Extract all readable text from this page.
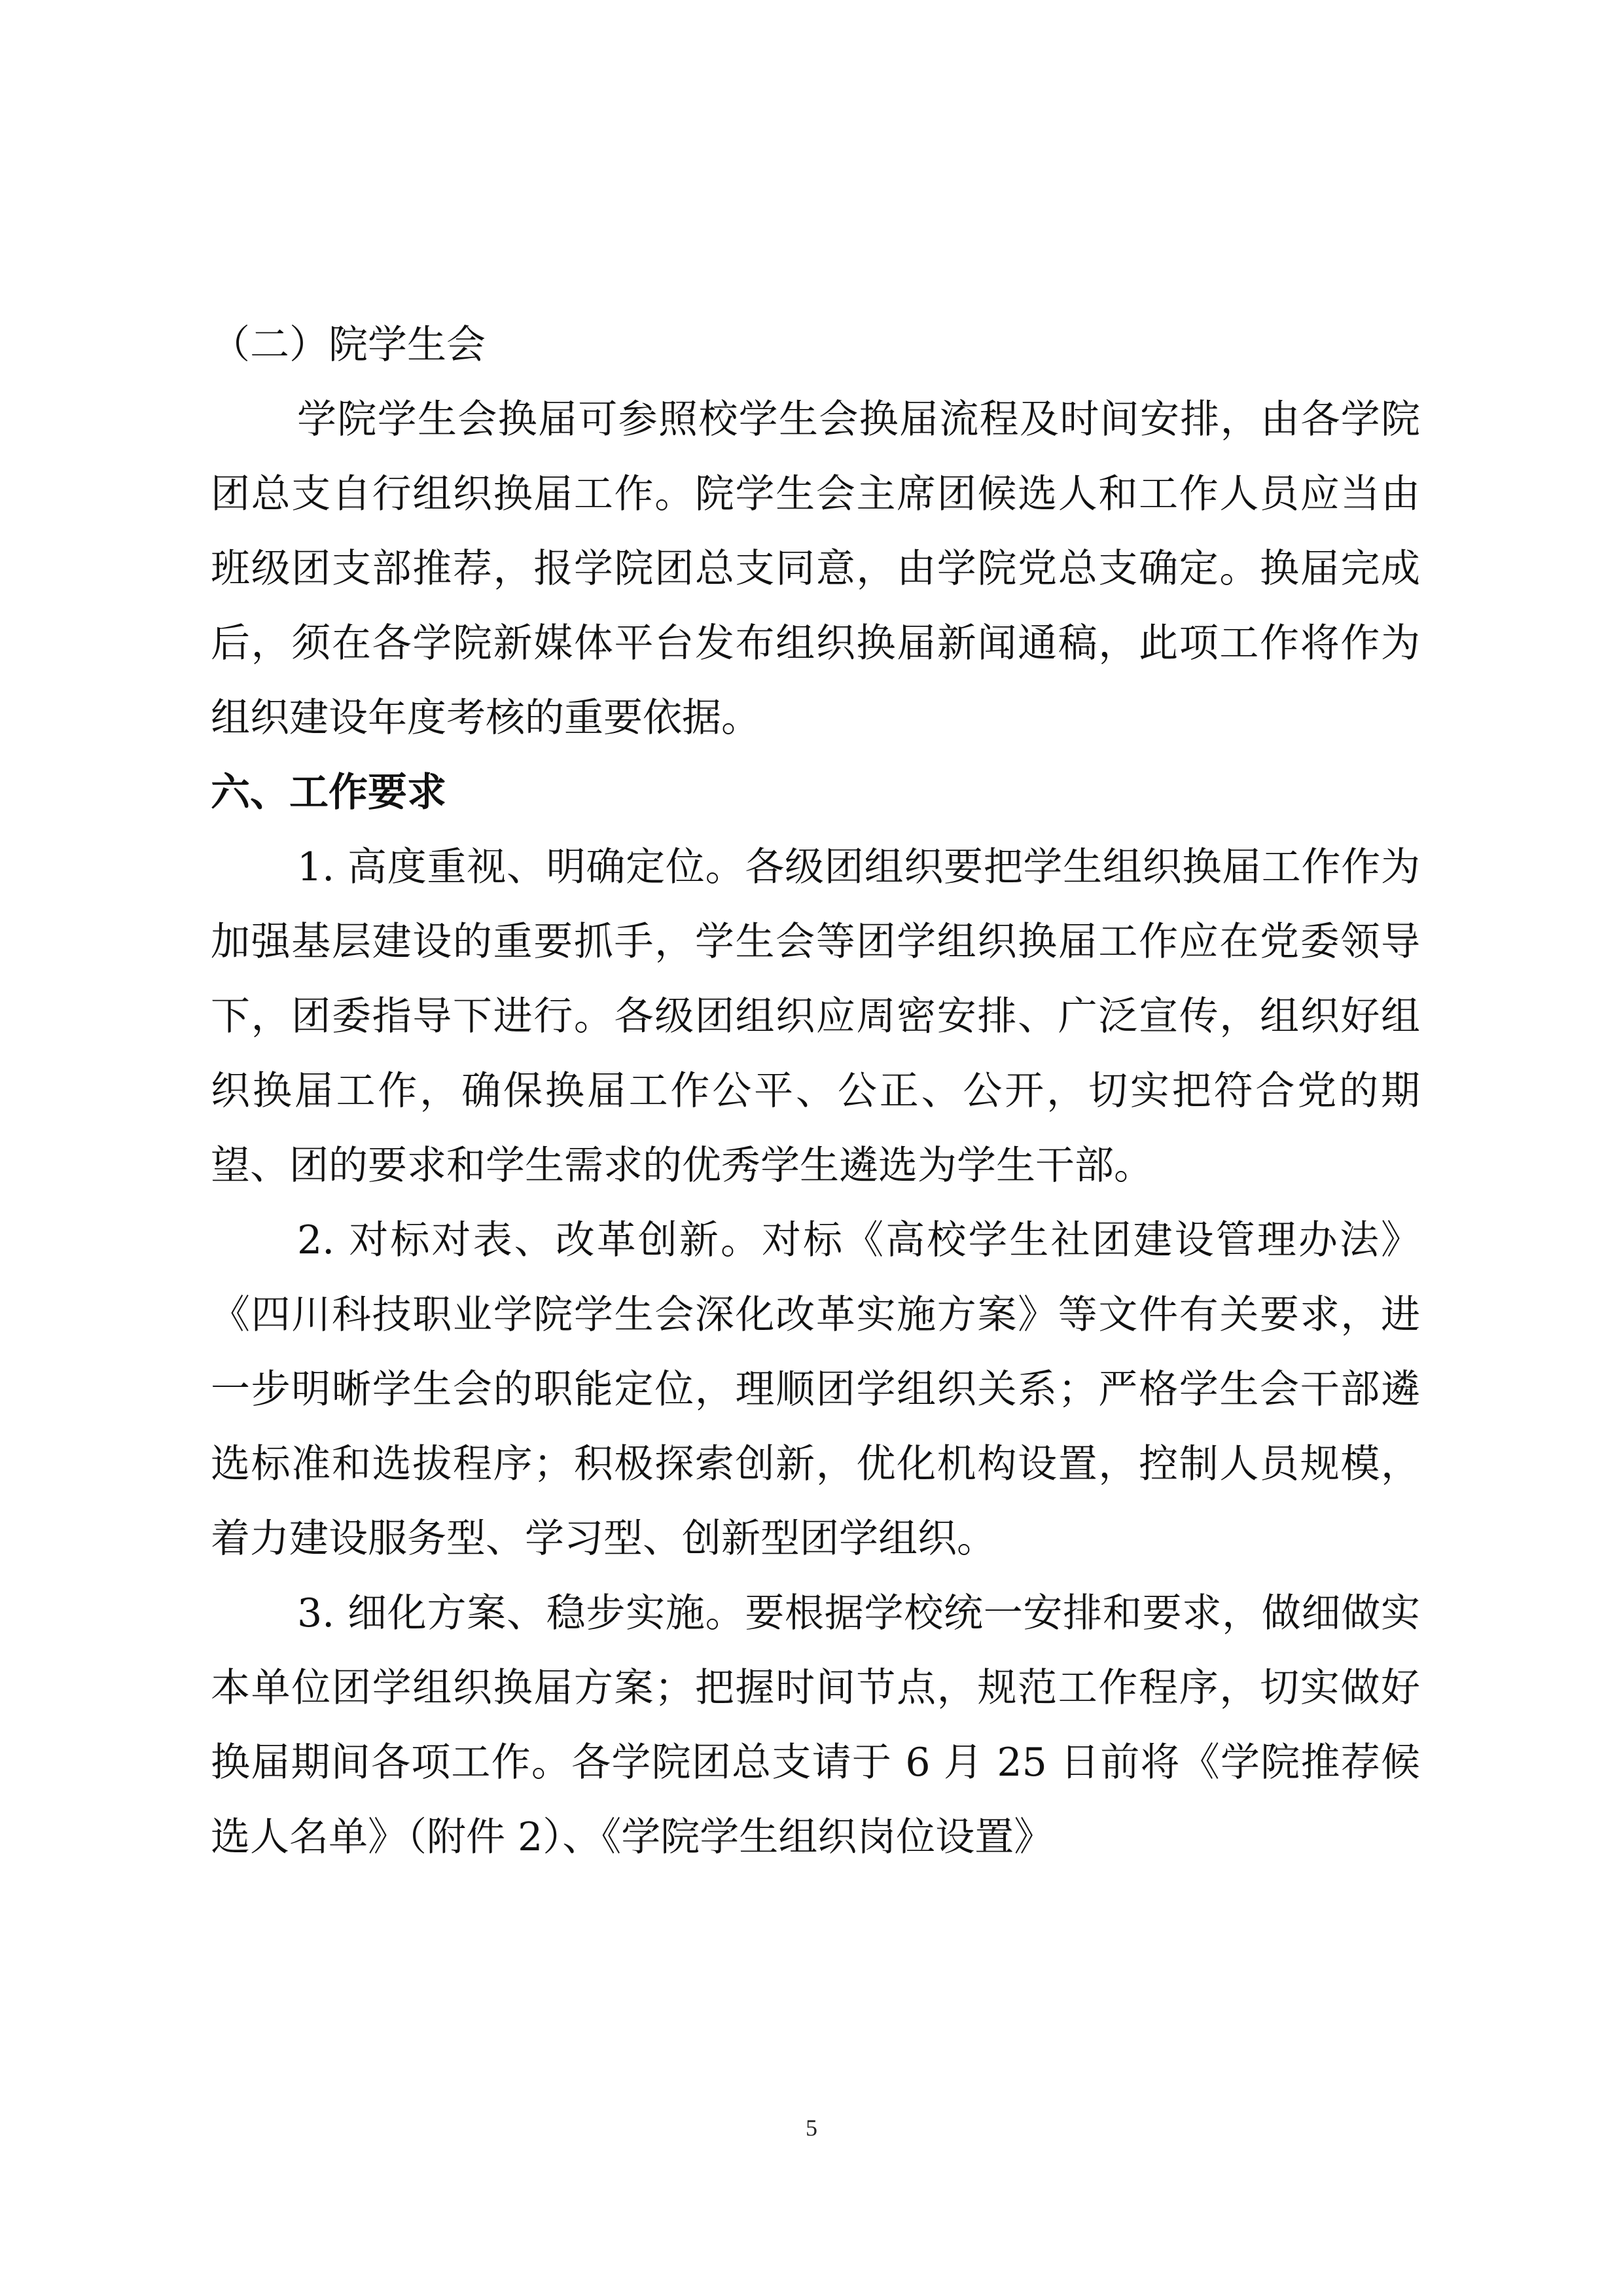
（二）院学生会

学院学生会换届可参照校学生会换届流程及时间安排，由各学院团总支自行组织换届工作。院学生会主席团候选人和工作人员应当由班级团支部推荐，报学院团总支同意，由学院党总支确定。换届完成后，须在各学院新媒体平台发布组织换届新闻通稿，此项工作将作为组织建设年度考核的重要依据。

六、工作要求

1. 高度重视、明确定位。各级团组织要把学生组织换届工作作为加强基层建设的重要抓手，学生会等团学组织换届工作应在党委领导下，团委指导下进行。各级团组织应周密安排、广泛宣传，组织好组织换届工作，确保换届工作公平、公正、公开，切实把符合党的期望、团的要求和学生需求的优秀学生遴选为学生干部。

2. 对标对表、改革创新。对标《高校学生社团建设管理办法》《四川科技职业学院学生会深化改革实施方案》等文件有关要求，进一步明晰学生会的职能定位，理顺团学组织关系；严格学生会干部遴选标准和选拔程序；积极探索创新，优化机构设置，控制人员规模，着力建设服务型、学习型、创新型团学组织。

3. 细化方案、稳步实施。要根据学校统一安排和要求，做细做实本单位团学组织换届方案；把握时间节点，规范工作程序，切实做好换届期间各项工作。各学院团总支请于 6 月 25 日前将《学院推荐候选人名单》（附件 2）、《学院学生组织岗位设置》

5
